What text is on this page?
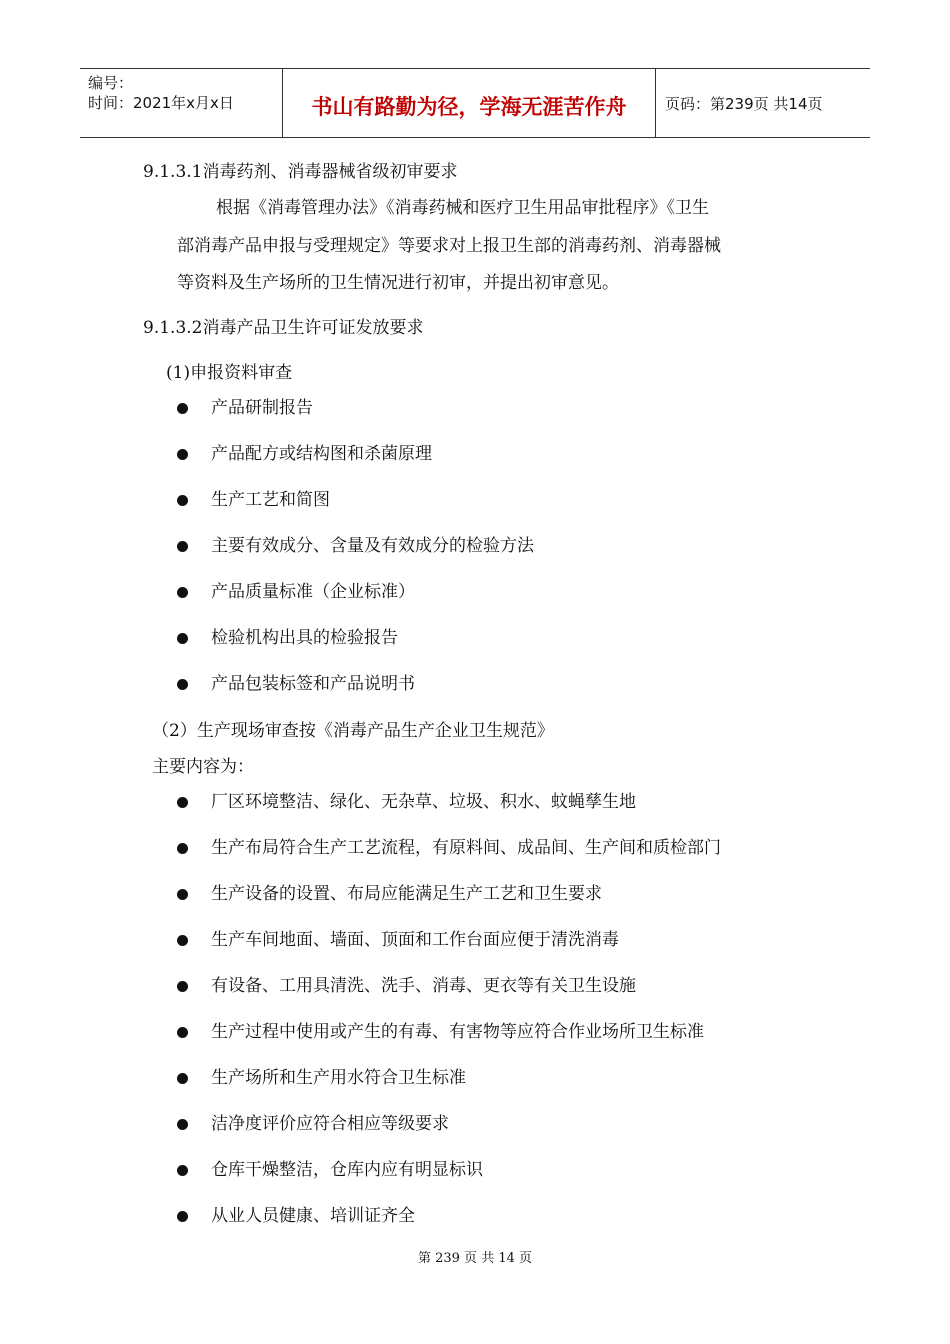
编号：
时间：2021年x月x日	书山有路勤为径，学海无涯苦作舟	页码：第239页 共14页
9.1.3.1消毒药剂、消毒器械省级初审要求
根据《消毒管理办法》《消毒药械和医疗卫生用品审批程序》《卫生
部消毒产品申报与受理规定》等要求对上报卫生部的消毒药剂、消毒器械
等资料及生产场所的卫生情况进行初审，并提出初审意见。
9.1.3.2消毒产品卫生许可证发放要求
(1)申报资料审查
产品研制报告
产品配方或结构图和杀菌原理
生产工艺和简图
主要有效成分、含量及有效成分的检验方法
产品质量标准（企业标准）
检验机构出具的检验报告
产品包装标签和产品说明书
（2）生产现场审查按《消毒产品生产企业卫生规范》
主要内容为：
厂区环境整洁、绿化、无杂草、垃圾、积水、蚊蝇孳生地
生产布局符合生产工艺流程，有原料间、成品间、生产间和质检部门
生产设备的设置、布局应能满足生产工艺和卫生要求
生产车间地面、墙面、顶面和工作台面应便于清洗消毒
有设备、工用具清洗、洗手、消毒、更衣等有关卫生设施
生产过程中使用或产生的有毒、有害物等应符合作业场所卫生标准
生产场所和生产用水符合卫生标准
洁净度评价应符合相应等级要求
仓库干燥整洁，仓库内应有明显标识
从业人员健康、培训证齐全
第 239 页 共 14 页
